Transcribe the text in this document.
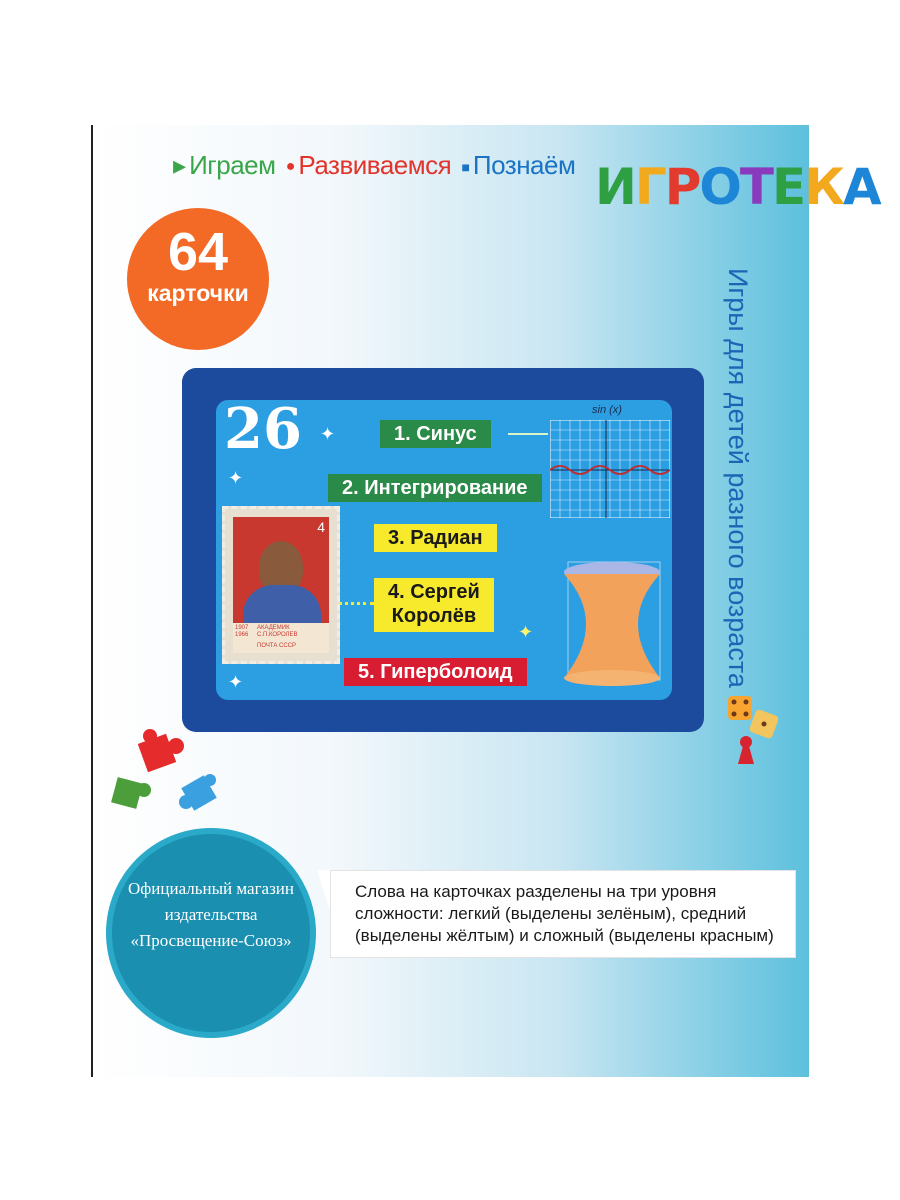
▸ Играем ● Развиваемся ■ Познаём ИГРОТЕКА
64
карточки	Игры для детей разного возраста
26 ✦
✦
✦
✦
1. Синус
2. Интегрирование
3. Радиан
4. Сергей
Королёв
5. Гиперболоид
sin (x)
4

1907
1966

АКАДЕМИК
С.П.КОРОЛЕВ

ПОЧТА СССР

Официальный магазин издательства «Просвещение-Союз»
Слова на карточках разделены на три уровня сложности: легкий (выделены зелёным), средний (выделены жёлтым) и сложный (выделены красным)
